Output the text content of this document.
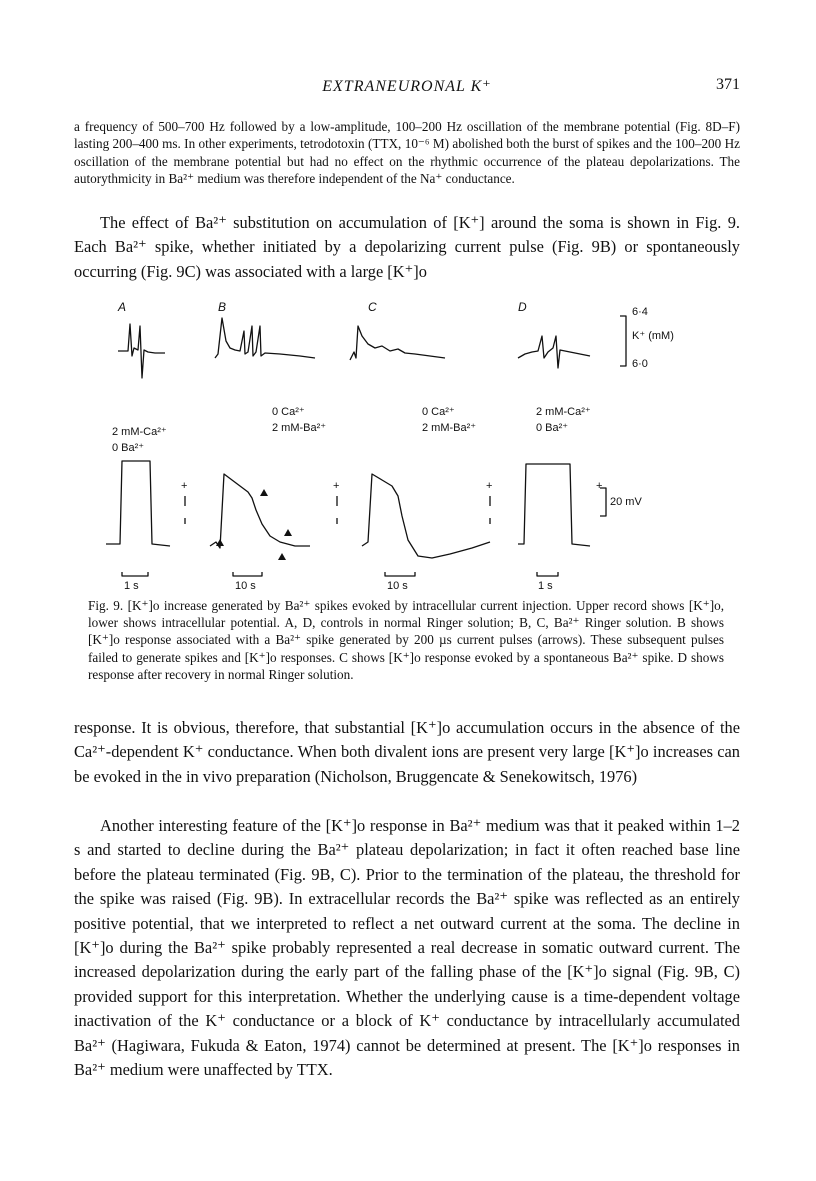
EXTRANEURONAL K⁺	371
a frequency of 500–700 Hz followed by a low-amplitude, 100–200 Hz oscillation of the membrane potential (Fig. 8D–F) lasting 200–400 ms. In other experiments, tetrodotoxin (TTX, 10⁻⁶ M) abolished both the burst of spikes and the 100–200 Hz oscillation of the membrane potential but had no effect on the rhythmic occurrence of the plateau depolarizations. The autorythmicity in Ba²⁺ medium was therefore independent of the Na⁺ conductance.
The effect of Ba²⁺ substitution on accumulation of [K⁺] around the soma is shown in Fig. 9. Each Ba²⁺ spike, whether initiated by a depolarizing current pulse (Fig. 9B) or spontaneously occurring (Fig. 9C) was associated with a large [K⁺]o
A	B	C	D	6·4
K⁺ (mM)
6·0
2 mM-Ca²⁺
0 Ba²⁺
0 Ca²⁺
2 mM-Ba²⁺
0 Ca²⁺
2 mM-Ba²⁺
2 mM-Ca²⁺
0 Ba²⁺
+	+	+	+
20 mV
1 s	10 s	10 s	1 s
Fig. 9. [K⁺]o increase generated by Ba²⁺ spikes evoked by intracellular current injection. Upper record shows [K⁺]o, lower shows intracellular potential. A, D, controls in normal Ringer solution; B, C, Ba²⁺ Ringer solution. B shows [K⁺]o response associated with a Ba²⁺ spike generated by 200 µs current pulses (arrows). These subsequent pulses failed to generate spikes and [K⁺]o responses. C shows [K⁺]o response evoked by a spontaneous Ba²⁺ spike. D shows response after recovery in normal Ringer solution.
response. It is obvious, therefore, that substantial [K⁺]o accumulation occurs in the absence of the Ca²⁺-dependent K⁺ conductance. When both divalent ions are present very large [K⁺]o increases can be evoked in the in vivo preparation (Nicholson, Bruggencate & Senekowitsch, 1976)
Another interesting feature of the [K⁺]o response in Ba²⁺ medium was that it peaked within 1–2 s and started to decline during the Ba²⁺ plateau depolarization; in fact it often reached base line before the plateau terminated (Fig. 9B, C). Prior to the termination of the plateau, the threshold for the spike was raised (Fig. 9B). In extracellular records the Ba²⁺ spike was reflected as an entirely positive potential, that we interpreted to reflect a net outward current at the soma. The decline in [K⁺]o during the Ba²⁺ spike probably represented a real decrease in somatic outward current. The increased depolarization during the early part of the falling phase of the [K⁺]o signal (Fig. 9B, C) provided support for this interpretation. Whether the underlying cause is a time-dependent voltage inactivation of the K⁺ conductance or a block of K⁺ conductance by intracellularly accumulated Ba²⁺ (Hagiwara, Fukuda & Eaton, 1974) cannot be determined at present. The [K⁺]o responses in Ba²⁺ medium were unaffected by TTX.
